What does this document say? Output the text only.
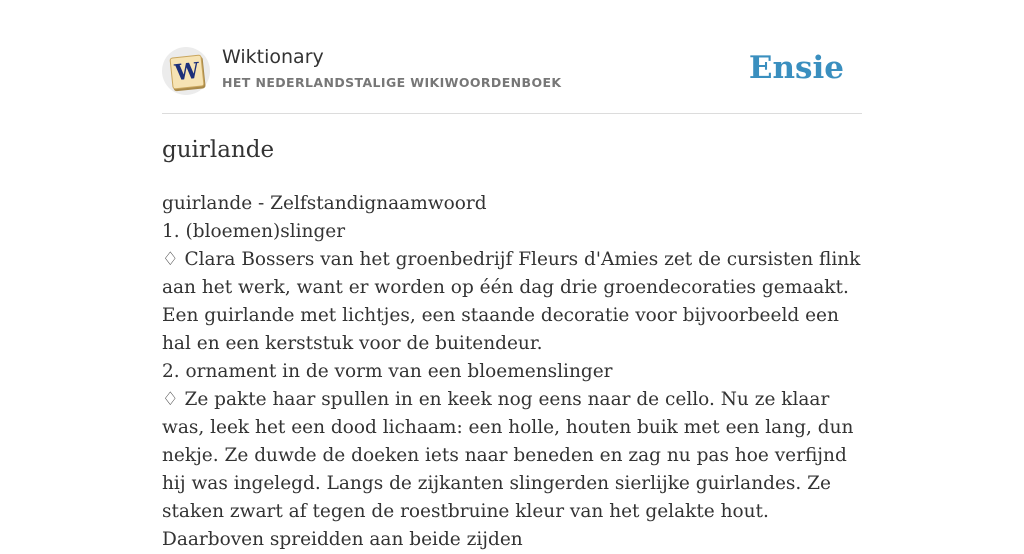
W
Wiktionary
HET NEDERLANDSTALIGE WIKIWOORDENBOEK	Ensie
guirlande

guirlande - Zelfstandignaamwoord

1. (bloemen)slinger

♢ Clara Bossers van het groenbedrijf Fleurs d'Amies zet de cursisten flink aan het werk, want er worden op één dag drie groendecoraties gemaakt. Een guirlande met lichtjes, een staande decoratie voor bijvoorbeeld een hal en een kerststuk voor de buitendeur.

2. ornament in de vorm van een bloemenslinger

♢ Ze pakte haar spullen in en keek nog eens naar de cello. Nu ze klaar was, leek het een dood lichaam: een holle, houten buik met een lang, dun nekje. Ze duwde de doeken iets naar beneden en zag nu pas hoe verfijnd hij was ingelegd. Langs de zijkanten slingerden sierlijke guirlandes. Ze staken zwart af tegen de roestbruine kleur van het gelakte hout. Daarboven spreidden aan beide zijden
